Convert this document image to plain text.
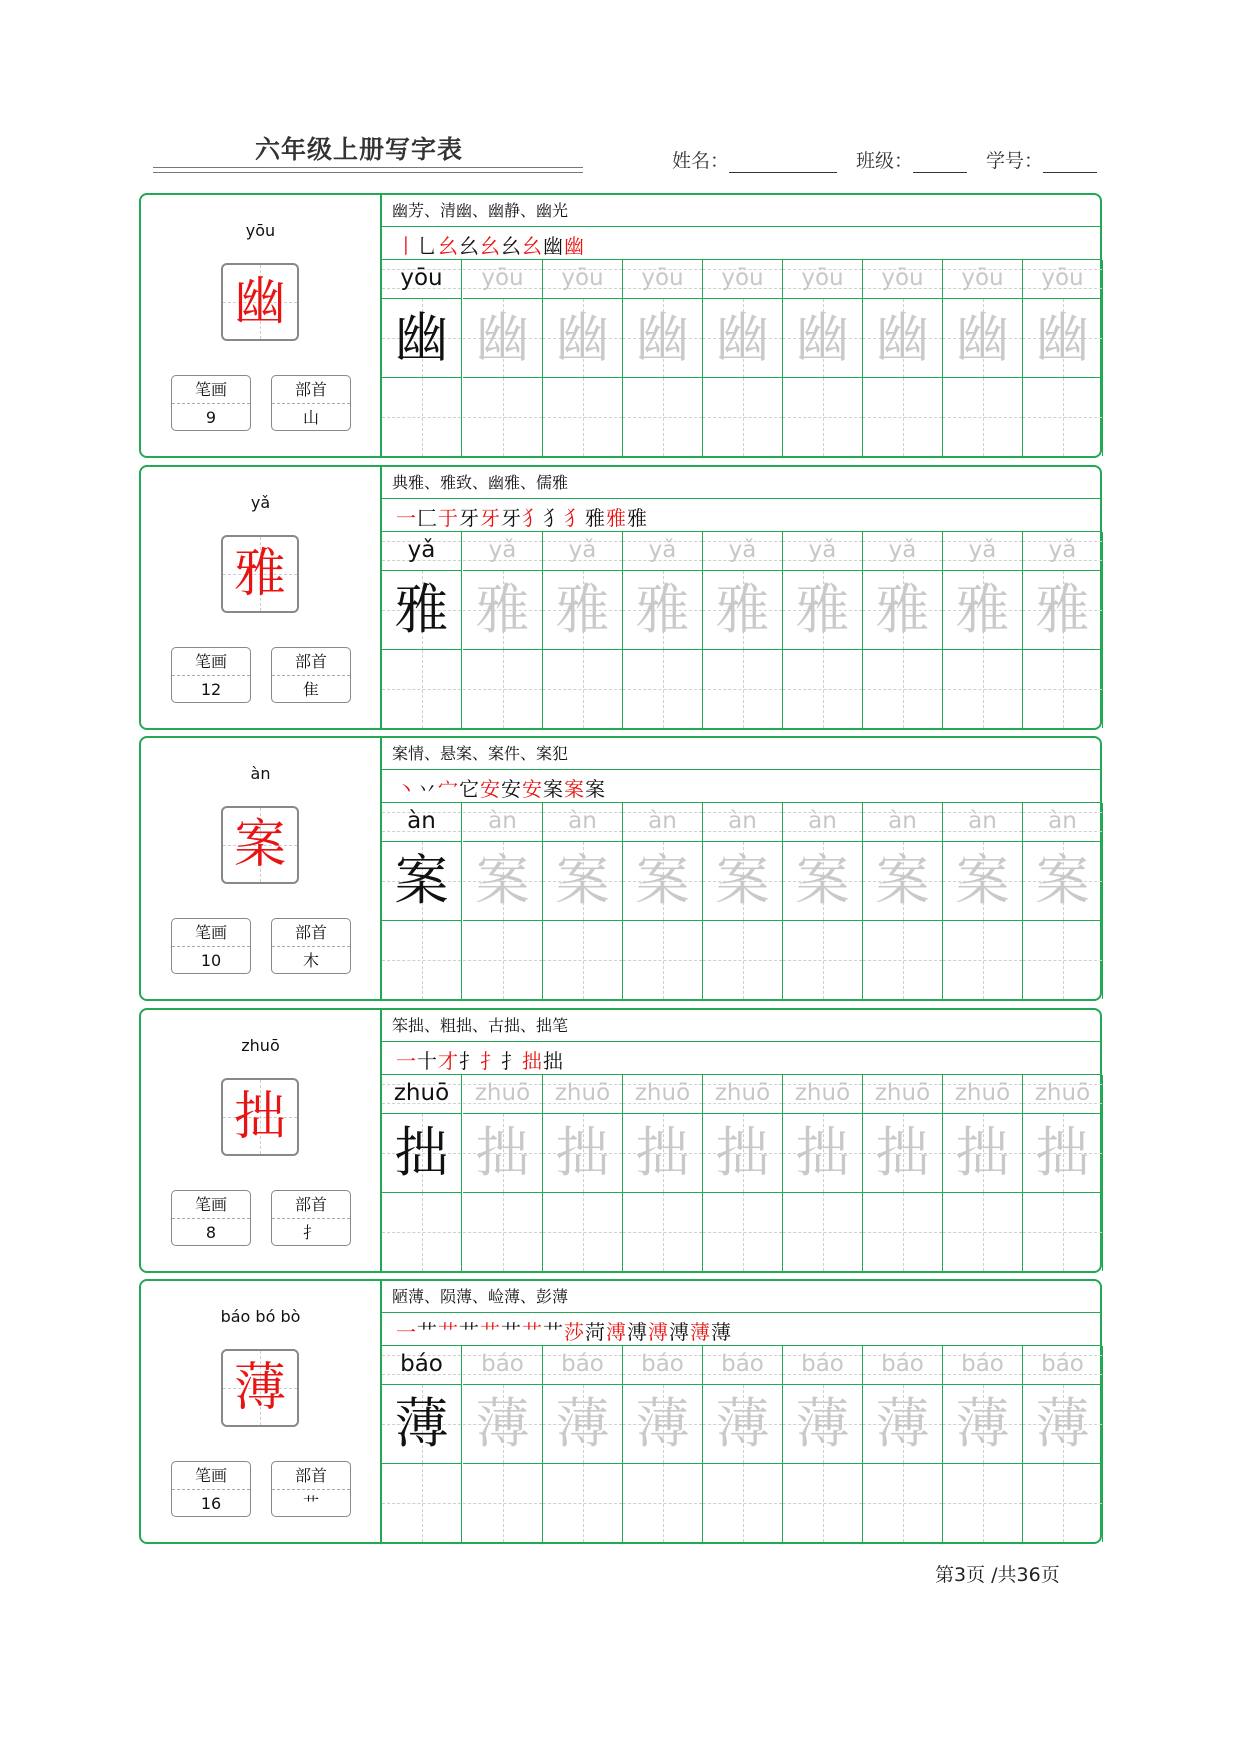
六年级上册写字表	姓名：	班级：	学号：
yōu
幽
笔画
9
部首
山
幽芳、清幽、幽静、幽光
丨 乚 幺 幺 幺 幺 幺 幽 幽
yōu	yōu	yōu	yōu	yōu	yōu	yōu	yōu	yōu
幽 幽 幽 幽 幽 幽 幽 幽 幽
yǎ
雅
笔画
12
部首
隹
典雅、雅致、幽雅、儒雅
一 匚 于 牙 牙 牙 犭 犭 犭 雅 雅 雅
yǎ	yǎ	yǎ	yǎ	yǎ	yǎ	yǎ	yǎ	yǎ
雅 雅 雅 雅 雅 雅 雅 雅 雅
àn
案
笔画
10
部首
木
案情、悬案、案件、案犯
丶 丷 宀 它 安 安 安 案 案 案
àn	àn	àn	àn	àn	àn	àn	àn	àn
案 案 案 案 案 案 案 案 案
zhuō
拙
笔画
8
部首
扌
笨拙、粗拙、古拙、拙笔
一 十 才 扌 扌 扌 拙 拙
zhuō	zhuō	zhuō	zhuō	zhuō	zhuō	zhuō	zhuō	zhuō
拙 拙 拙 拙 拙 拙 拙 拙 拙
báo bó bò
薄
笔画
16
部首
艹
陋薄、陨薄、崄薄、彭薄
一 艹 艹 艹 艹 艹 艹 艹 莎 菏 溥 溥 溥 溥 薄 薄
báo	báo	báo	báo	báo	báo	báo	báo	báo
薄 薄 薄 薄 薄 薄 薄 薄 薄
第3页 /共36页
